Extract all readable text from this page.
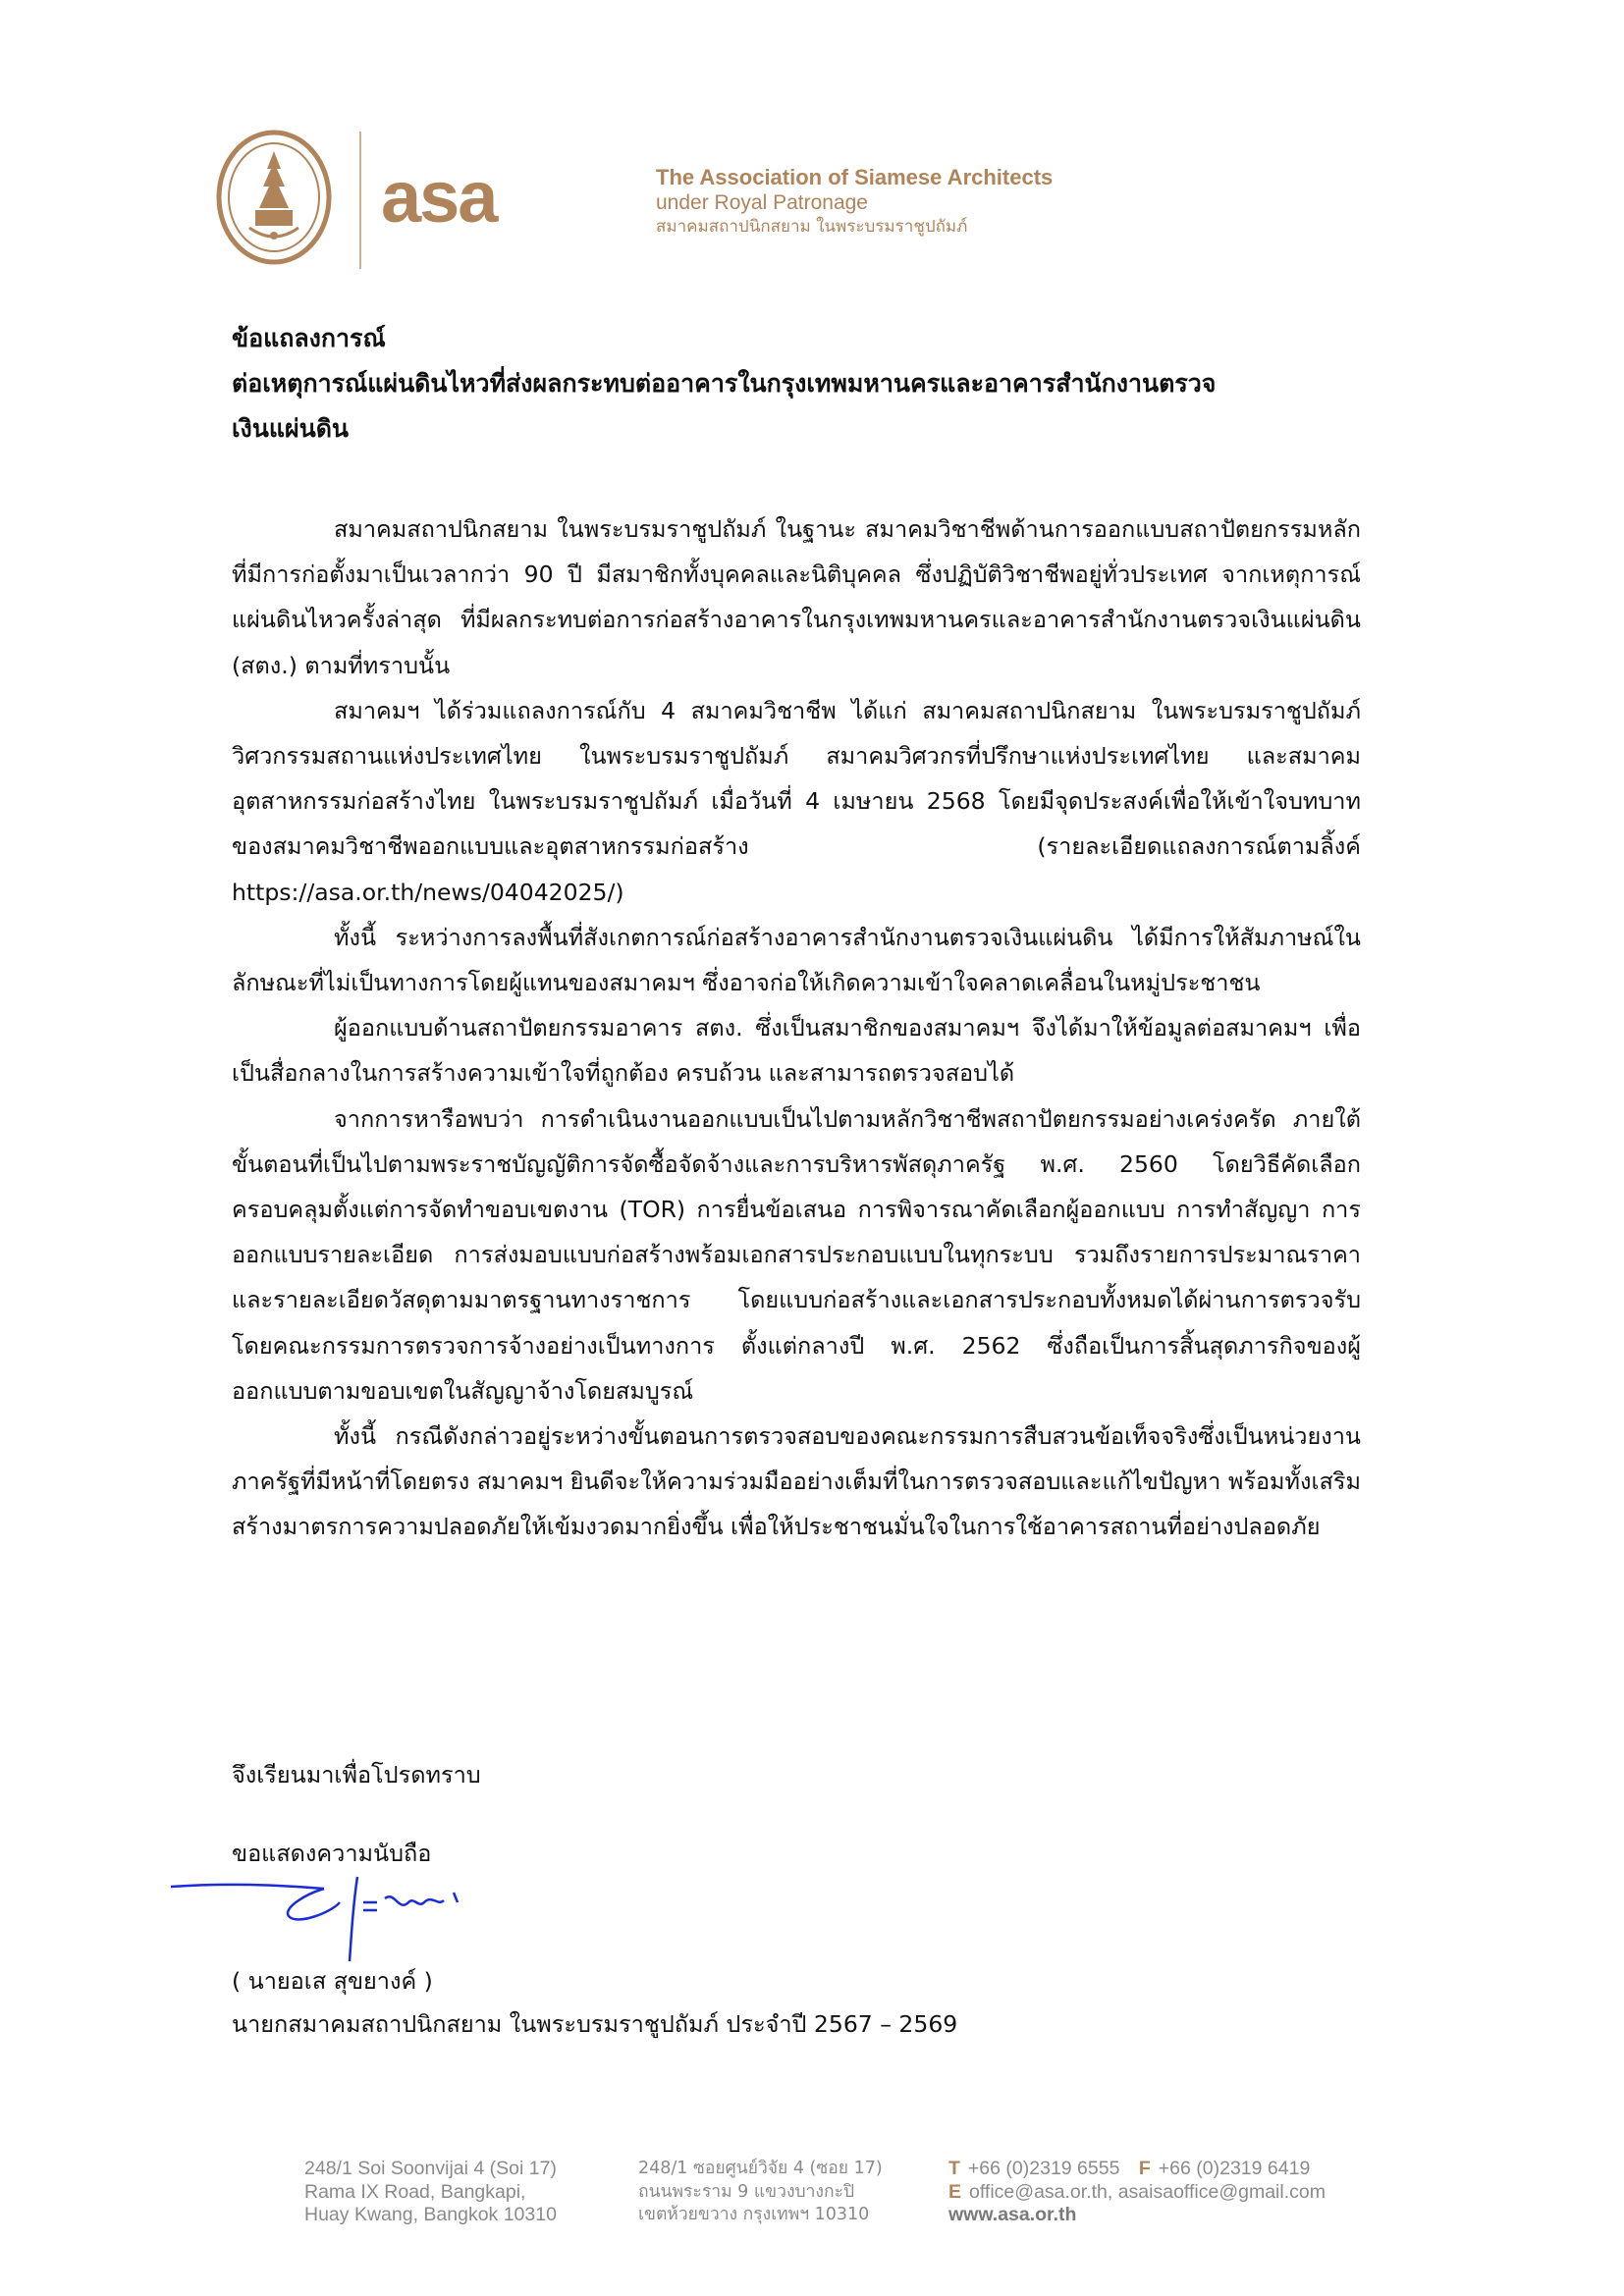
asa	The Association of Siamese Architects
under Royal Patronage
สมาคมสถาปนิกสยาม ในพระบรมราชูปถัมภ์
ข้อแถลงการณ์
ต่อเหตุการณ์แผ่นดินไหวที่ส่งผลกระทบต่ออาคารในกรุงเทพมหานครและอาคารสำนักงานตรวจ
เงินแผ่นดิน

สมาคมสถาปนิกสยาม ในพระบรมราชูปถัมภ์ ในฐานะ สมาคมวิชาชีพด้านการออกแบบสถาปัตยกรรมหลัก ที่มีการก่อตั้งมาเป็นเวลากว่า 90 ปี มีสมาชิกทั้งบุคคลและนิติบุคคล ซึ่งปฏิบัติวิชาชีพอยู่ทั่วประเทศ จากเหตุการณ์แผ่นดินไหวครั้งล่าสุด ที่มีผลกระทบต่อการก่อสร้างอาคารในกรุงเทพมหานครและอาคารสำนักงานตรวจเงินแผ่นดิน (สตง.) ตามที่ทราบนั้น

สมาคมฯ ได้ร่วมแถลงการณ์กับ 4 สมาคมวิชาชีพ ได้แก่ สมาคมสถาปนิกสยาม ในพระบรมราชูปถัมภ์ วิศวกรรมสถานแห่งประเทศไทย ในพระบรมราชูปถัมภ์ สมาคมวิศวกรที่ปรึกษาแห่งประเทศไทย และสมาคมอุตสาหกรรมก่อสร้างไทย ในพระบรมราชูปถัมภ์ เมื่อวันที่ 4 เมษายน 2568 โดยมีจุดประสงค์เพื่อให้เข้าใจบทบาทของสมาคมวิชาชีพออกแบบและอุตสาหกรรมก่อสร้าง (รายละเอียดแถลงการณ์ตามลิ้งค์ https://asa.or.th/news/04042025/)

ทั้งนี้ ระหว่างการลงพื้นที่สังเกตการณ์ก่อสร้างอาคารสำนักงานตรวจเงินแผ่นดิน ได้มีการให้สัมภาษณ์ในลักษณะที่ไม่เป็นทางการโดยผู้แทนของสมาคมฯ ซึ่งอาจก่อให้เกิดความเข้าใจคลาดเคลื่อนในหมู่ประชาชน

ผู้ออกแบบด้านสถาปัตยกรรมอาคาร สตง. ซึ่งเป็นสมาชิกของสมาคมฯ จึงได้มาให้ข้อมูลต่อสมาคมฯ เพื่อเป็นสื่อกลางในการสร้างความเข้าใจที่ถูกต้อง ครบถ้วน และสามารถตรวจสอบได้

จากการหารือพบว่า การดำเนินงานออกแบบเป็นไปตามหลักวิชาชีพสถาปัตยกรรมอย่างเคร่งครัด ภายใต้ขั้นตอนที่เป็นไปตามพระราชบัญญัติการจัดซื้อจัดจ้างและการบริหารพัสดุภาครัฐ พ.ศ. 2560 โดยวิธีคัดเลือก ครอบคลุมตั้งแต่การจัดทำขอบเขตงาน (TOR) การยื่นข้อเสนอ การพิจารณาคัดเลือกผู้ออกแบบ การทำสัญญา การออกแบบรายละเอียด การส่งมอบแบบก่อสร้างพร้อมเอกสารประกอบแบบในทุกระบบ รวมถึงรายการประมาณราคา และรายละเอียดวัสดุตามมาตรฐานทางราชการ โดยแบบก่อสร้างและเอกสารประกอบทั้งหมดได้ผ่านการตรวจรับโดยคณะกรรมการตรวจการจ้างอย่างเป็นทางการ ตั้งแต่กลางปี พ.ศ. 2562 ซึ่งถือเป็นการสิ้นสุดภารกิจของผู้ออกแบบตามขอบเขตในสัญญาจ้างโดยสมบูรณ์

ทั้งนี้ กรณีดังกล่าวอยู่ระหว่างขั้นตอนการตรวจสอบของคณะกรรมการสืบสวนข้อเท็จจริงซึ่งเป็นหน่วยงานภาครัฐที่มีหน้าที่โดยตรง สมาคมฯ ยินดีจะให้ความร่วมมืออย่างเต็มที่ในการตรวจสอบและแก้ไขปัญหา พร้อมทั้งเสริมสร้างมาตรการความปลอดภัยให้เข้มงวดมากยิ่งขึ้น เพื่อให้ประชาชนมั่นใจในการใช้อาคารสถานที่อย่างปลอดภัย

จึงเรียนมาเพื่อโปรดทราบ
ขอแสดงความนับถือ
( นายอเส สุขยางค์ )
นายกสมาคมสถาปนิกสยาม ในพระบรมราชูปถัมภ์ ประจำปี 2567 – 2569
248/1 Soi Soonvijai 4 (Soi 17)
Rama IX Road, Bangkapi,
Huay Kwang, Bangkok 10310
248/1 ซอยศูนย์วิจัย 4 (ซอย 17)
ถนนพระราม 9 แขวงบางกะปิ
เขตห้วยขวาง กรุงเทพฯ 10310
T +66 (0)2319 6555 F +66 (0)2319 6419
E office@asa.or.th, asaisaoffice@gmail.com
www.asa.or.th
